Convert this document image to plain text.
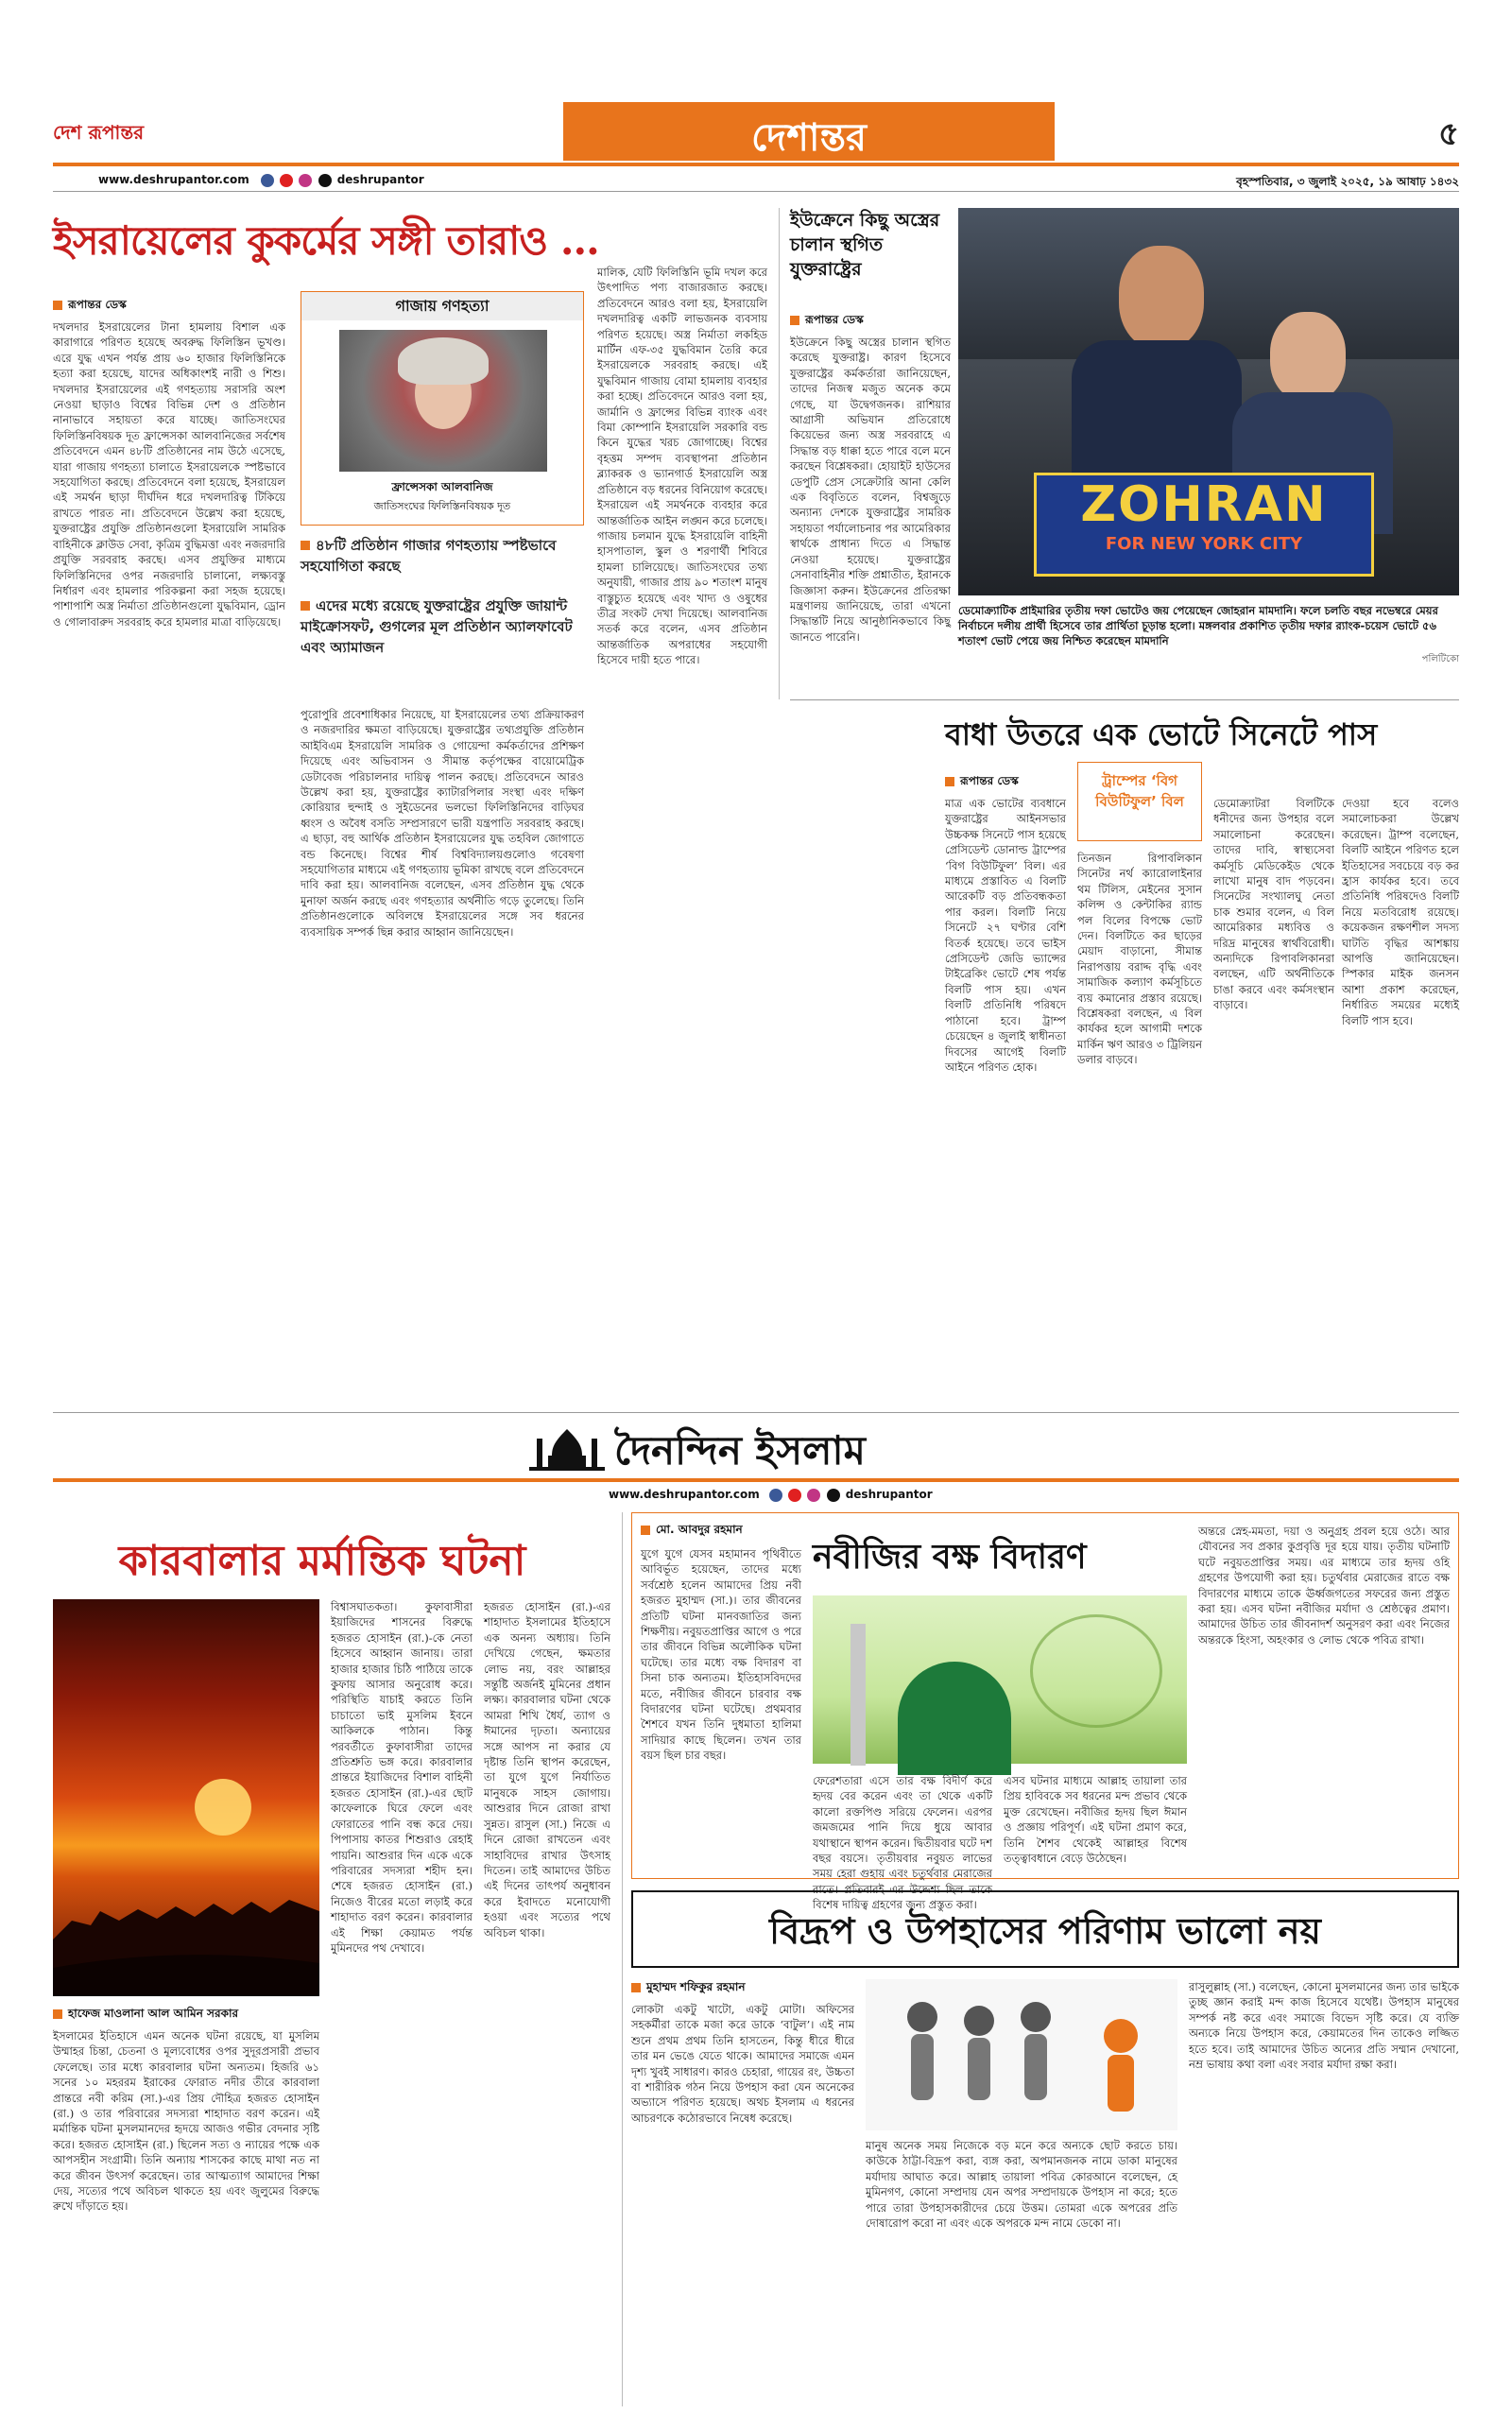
দেশ রূপান্তর	দেশান্তর	৫
www.deshrupantor.com	deshrupantor	বৃহস্পতিবার, ৩ জুলাই ২০২৫, ১৯ আষাঢ় ১৪৩২
ইসরায়েলের কুকর্মের সঙ্গী তারাও ...
রূপান্তর ডেস্ক
দখলদার ইসরায়েলের টানা হামলায় বিশাল এক কারাগারে পরিণত হয়েছে অবরুদ্ধ ফিলিস্তিন ভূখণ্ড। এরে যুদ্ধ এখন পর্যন্ত প্রায় ৬০ হাজার ফিলিস্তিনিকে হত্যা করা হয়েছে, যাদের অধিকাংশই নারী ও শিশু। দখলদার ইসরায়েলের এই গণহত্যায় সরাসরি অংশ নেওয়া ছাড়াও বিশ্বের বিভিন্ন দেশ ও প্রতিষ্ঠান নানাভাবে সহায়তা করে যাচ্ছে। জাতিসংঘের ফিলিস্তিনবিষয়ক দূত ফ্রান্সেসকা আলবানিজের সর্বশেষ প্রতিবেদনে এমন ৪৮টি প্রতিষ্ঠানের নাম উঠে এসেছে, যারা গাজায় গণহত্যা চালাতে ইসরায়েলকে স্পষ্টভাবে সহযোগিতা করছে। প্রতিবেদনে বলা হয়েছে, ইসরায়েল এই সমর্থন ছাড়া দীর্ঘদিন ধরে দখলদারিত্ব টিকিয়ে রাখতে পারত না। প্রতিবেদনে উল্লেখ করা হয়েছে, যুক্তরাষ্ট্রের প্রযুক্তি প্রতিষ্ঠানগুলো ইসরায়েলি সামরিক বাহিনীকে ক্লাউড সেবা, কৃত্রিম বুদ্ধিমত্তা এবং নজরদারি প্রযুক্তি সরবরাহ করছে। এসব প্রযুক্তির মাধ্যমে ফিলিস্তিনিদের ওপর নজরদারি চালানো, লক্ষ্যবস্তু নির্ধারণ এবং হামলার পরিকল্পনা করা সহজ হয়েছে। পাশাপাশি অস্ত্র নির্মাতা প্রতিষ্ঠানগুলো যুদ্ধবিমান, ড্রোন ও গোলাবারুদ সরবরাহ করে হামলার মাত্রা বাড়িয়েছে।
গাজায় গণহত্যা
ফ্রান্সেসকা আলবানিজ
জাতিসংঘের ফিলিস্তিনবিষয়ক দূত
৪৮টি প্রতিষ্ঠান গাজার গণহত্যায় স্পষ্টভাবে সহযোগিতা করছে
এদের মধ্যে রয়েছে যুক্তরাষ্ট্রের প্রযুক্তি জায়ান্ট মাইক্রোসফট, গুগলের মূল প্রতিষ্ঠান অ্যালফাবেট এবং অ্যামাজন
পুরোপুরি প্রবেশাধিকার নিয়েছে, যা ইসরায়েলের তথ্য প্রক্রিয়াকরণ ও নজরদারির ক্ষমতা বাড়িয়েছে। যুক্তরাষ্ট্রের তথ্যপ্রযুক্তি প্রতিষ্ঠান আইবিএম ইসরায়েলি সামরিক ও গোয়েন্দা কর্মকর্তাদের প্রশিক্ষণ দিয়েছে এবং অভিবাসন ও সীমান্ত কর্তৃপক্ষের বায়োমেট্রিক ডেটাবেজ পরিচালনার দায়িত্ব পালন করছে। প্রতিবেদনে আরও উল্লেখ করা হয়, যুক্তরাষ্ট্রের ক্যাটারপিলার সংস্থা এবং দক্ষিণ কোরিয়ার হুন্দাই ও সুইডেনের ভলভো ফিলিস্তিনিদের বাড়িঘর ধ্বংস ও অবৈধ বসতি সম্প্রসারণে ভারী যন্ত্রপাতি সরবরাহ করছে। এ ছাড়া, বহু আর্থিক প্রতিষ্ঠান ইসরায়েলের যুদ্ধ তহবিল জোগাতে বন্ড কিনেছে। বিশ্বের শীর্ষ বিশ্ববিদ্যালয়গুলোও গবেষণা সহযোগিতার মাধ্যমে এই গণহত্যায় ভূমিকা রাখছে বলে প্রতিবেদনে দাবি করা হয়। আলবানিজ বলেছেন, এসব প্রতিষ্ঠান যুদ্ধ থেকে মুনাফা অর্জন করছে এবং গণহত্যার অর্থনীতি গড়ে তুলেছে। তিনি প্রতিষ্ঠানগুলোকে অবিলম্বে ইসরায়েলের সঙ্গে সব ধরনের ব্যবসায়িক সম্পর্ক ছিন্ন করার আহ্বান জানিয়েছেন।
মালিক, যেটি ফিলিস্তিনি ভূমি দখল করে উৎপাদিত পণ্য বাজারজাত করছে। প্রতিবেদনে আরও বলা হয়, ইসরায়েলি দখলদারিত্ব একটি লাভজনক ব্যবসায় পরিণত হয়েছে। অস্ত্র নির্মাতা লকহিড মার্টিন এফ-৩৫ যুদ্ধবিমান তৈরি করে ইসরায়েলকে সরবরাহ করছে। এই যুদ্ধবিমান গাজায় বোমা হামলায় ব্যবহার করা হচ্ছে। প্রতিবেদনে আরও বলা হয়, জার্মানি ও ফ্রান্সের বিভিন্ন ব্যাংক এবং বিমা কোম্পানি ইসরায়েলি সরকারি বন্ড কিনে যুদ্ধের খরচ জোগাচ্ছে। বিশ্বের বৃহত্তম সম্পদ ব্যবস্থাপনা প্রতিষ্ঠান ব্ল্যাকরক ও ভ্যানগার্ড ইসরায়েলি অস্ত্র প্রতিষ্ঠানে বড় ধরনের বিনিয়োগ করেছে। ইসরায়েল এই সমর্থনকে ব্যবহার করে আন্তর্জাতিক আইন লঙ্ঘন করে চলেছে। গাজায় চলমান যুদ্ধে ইসরায়েলি বাহিনী হাসপাতাল, স্কুল ও শরণার্থী শিবিরে হামলা চালিয়েছে। জাতিসংঘের তথ্য অনুযায়ী, গাজার প্রায় ৯০ শতাংশ মানুষ বাস্তুচ্যুত হয়েছে এবং খাদ্য ও ওষুধের তীব্র সংকট দেখা দিয়েছে। আলবানিজ সতর্ক করে বলেন, এসব প্রতিষ্ঠান আন্তর্জাতিক অপরাধের সহযোগী হিসেবে দায়ী হতে পারে।
ইউক্রেনে কিছু অস্ত্রের চালান স্থগিত যুক্তরাষ্ট্রের
রূপান্তর ডেস্ক
ইউক্রেনে কিছু অস্ত্রের চালান স্থগিত করেছে যুক্তরাষ্ট্র। কারণ হিসেবে যুক্তরাষ্ট্রের কর্মকর্তারা জানিয়েছেন, তাদের নিজস্ব মজুত অনেক কমে গেছে, যা উদ্বেগজনক। রাশিয়ার আগ্রাসী অভিযান প্রতিরোধে কিয়েভের জন্য অস্ত্র সরবরাহে এ সিদ্ধান্ত বড় ধাক্কা হতে পারে বলে মনে করছেন বিশ্লেষকরা। হোয়াইট হাউসের ডেপুটি প্রেস সেক্রেটারি আনা কেলি এক বিবৃতিতে বলেন, বিশ্বজুড়ে অন্যান্য দেশকে যুক্তরাষ্ট্রের সামরিক সহায়তা পর্যালোচনার পর আমেরিকার স্বার্থকে প্রাধান্য দিতে এ সিদ্ধান্ত নেওয়া হয়েছে। যুক্তরাষ্ট্রের সেনাবাহিনীর শক্তি প্রশ্নাতীত, ইরানকে জিজ্ঞাসা করুন। ইউক্রেনের প্রতিরক্ষা মন্ত্রণালয় জানিয়েছে, তারা এখনো সিদ্ধান্তটি নিয়ে আনুষ্ঠানিকভাবে কিছু জানতে পারেনি।
ZOHRAN
FOR NEW YORK CITY
ডেমোক্র্যাটিক প্রাইমারির তৃতীয় দফা ভোটেও জয় পেয়েছেন জোহরান মামদানি। ফলে চলতি বছর নভেম্বরে মেয়র নির্বাচনে দলীয় প্রার্থী হিসেবে তার প্রার্থিতা চূড়ান্ত হলো। মঙ্গলবার প্রকাশিত তৃতীয় দফার র‍্যাংক-চয়েস ভোটে ৫৬ শতাংশ ভোট পেয়ে জয় নিশ্চিত করেছেন মামদানি
পলিটিকো
বাধা উতরে এক ভোটে সিনেটে পাস
রূপান্তর ডেস্ক
মাত্র এক ভোটের ব্যবধানে যুক্তরাষ্ট্রের আইনসভার উচ্চকক্ষ সিনেটে পাস হয়েছে প্রেসিডেন্ট ডোনাল্ড ট্রাম্পের ‘বিগ বিউটিফুল’ বিল। এর মাধ্যমে প্রস্তাবিত এ বিলটি আরেকটি বড় প্রতিবন্ধকতা পার করল। বিলটি নিয়ে সিনেটে ২৭ ঘণ্টার বেশি বিতর্ক হয়েছে। তবে ভাইস প্রেসিডেন্ট জেডি ভ্যান্সের টাইব্রেকিং ভোটে শেষ পর্যন্ত বিলটি পাস হয়। এখন বিলটি প্রতিনিধি পরিষদে পাঠানো হবে। ট্রাম্প চেয়েছেন ৪ জুলাই স্বাধীনতা দিবসের আগেই বিলটি আইনে পরিণত হোক।
ট্রাম্পের ‘বিগ বিউটিফুল’ বিল
তিনজন রিপাবলিকান সিনেটর নর্থ ক্যারোলাইনার থম টিলিস, মেইনের সুসান কলিন্স ও কেন্টাকির র‍্যান্ড পল বিলের বিপক্ষে ভোট দেন। বিলটিতে কর ছাড়ের মেয়াদ বাড়ানো, সীমান্ত নিরাপত্তায় বরাদ্দ বৃদ্ধি এবং সামাজিক কল্যাণ কর্মসূচিতে ব্যয় কমানোর প্রস্তাব রয়েছে। বিশ্লেষকরা বলছেন, এ বিল কার্যকর হলে আগামী দশকে মার্কিন ঋণ আরও ৩ ট্রিলিয়ন ডলার বাড়বে।
ডেমোক্র্যাটরা বিলটিকে ধনীদের জন্য উপহার বলে সমালোচনা করেছেন। তাদের দাবি, স্বাস্থ্যসেবা কর্মসূচি মেডিকেইড থেকে লাখো মানুষ বাদ পড়বেন। সিনেটের সংখ্যালঘু নেতা চাক শুমার বলেন, এ বিল আমেরিকার মধ্যবিত্ত ও দরিদ্র মানুষের স্বার্থবিরোধী। অন্যদিকে রিপাবলিকানরা বলছেন, এটি অর্থনীতিকে চাঙা করবে এবং কর্মসংস্থান বাড়াবে।
দেওয়া হবে বলেও সমালোচকরা উল্লেখ করেছেন। ট্রাম্প বলেছেন, বিলটি আইনে পরিণত হলে ইতিহাসের সবচেয়ে বড় কর হ্রাস কার্যকর হবে। তবে প্রতিনিধি পরিষদেও বিলটি নিয়ে মতবিরোধ রয়েছে। কয়েকজন রক্ষণশীল সদস্য ঘাটতি বৃদ্ধির আশঙ্কায় আপত্তি জানিয়েছেন। স্পিকার মাইক জনসন আশা প্রকাশ করেছেন, নির্ধারিত সময়ের মধ্যেই বিলটি পাস হবে।
দৈনন্দিন ইসলাম
www.deshrupantor.com	deshrupantor
কারবালার মর্মান্তিক ঘটনা
হাফেজ মাওলানা আল আমিন সরকার
ইসলামের ইতিহাসে এমন অনেক ঘটনা রয়েছে, যা মুসলিম উম্মাহর চিন্তা, চেতনা ও মূল্যবোধের ওপর সুদূরপ্রসারী প্রভাব ফেলেছে। তার মধ্যে কারবালার ঘটনা অন্যতম। হিজরি ৬১ সনের ১০ মহররম ইরাকের ফোরাত নদীর তীরে কারবালা প্রান্তরে নবী করিম (সা.)-এর প্রিয় দৌহিত্র হজরত হোসাইন (রা.) ও তার পরিবারের সদস্যরা শাহাদাত বরণ করেন। এই মর্মান্তিক ঘটনা মুসলমানদের হৃদয়ে আজও গভীর বেদনার সৃষ্টি করে। হজরত হোসাইন (রা.) ছিলেন সত্য ও ন্যায়ের পক্ষে এক আপসহীন সংগ্রামী। তিনি অন্যায় শাসকের কাছে মাথা নত না করে জীবন উৎসর্গ করেছেন। তার আত্মত্যাগ আমাদের শিক্ষা দেয়, সত্যের পথে অবিচল থাকতে হয় এবং জুলুমের বিরুদ্ধে রুখে দাঁড়াতে হয়।
বিশ্বাসঘাতকতা। কুফাবাসীরা ইয়াজিদের শাসনের বিরুদ্ধে হজরত হোসাইন (রা.)-কে নেতা হিসেবে আহ্বান জানায়। তারা হাজার হাজার চিঠি পাঠিয়ে তাকে কুফায় আসার অনুরোধ করে। পরিস্থিতি যাচাই করতে তিনি চাচাতো ভাই মুসলিম ইবনে আকিলকে পাঠান। কিন্তু পরবর্তীতে কুফাবাসীরা তাদের প্রতিশ্রুতি ভঙ্গ করে। কারবালার প্রান্তরে ইয়াজিদের বিশাল বাহিনী হজরত হোসাইন (রা.)-এর ছোট কাফেলাকে ঘিরে ফেলে এবং ফোরাতের পানি বন্ধ করে দেয়। পিপাসায় কাতর শিশুরাও রেহাই পায়নি। আশুরার দিন একে একে পরিবারের সদস্যরা শহীদ হন। শেষে হজরত হোসাইন (রা.) নিজেও বীরের মতো লড়াই করে শাহাদাত বরণ করেন। কারবালার এই শিক্ষা কেয়ামত পর্যন্ত মুমিনদের পথ দেখাবে।
হজরত হোসাইন (রা.)-এর শাহাদাত ইসলামের ইতিহাসে এক অনন্য অধ্যায়। তিনি দেখিয়ে গেছেন, ক্ষমতার লোভ নয়, বরং আল্লাহর সন্তুষ্টি অর্জনই মুমিনের প্রধান লক্ষ্য। কারবালার ঘটনা থেকে আমরা শিখি ধৈর্য, ত্যাগ ও ঈমানের দৃঢ়তা। অন্যায়ের সঙ্গে আপস না করার যে দৃষ্টান্ত তিনি স্থাপন করেছেন, তা যুগে যুগে নির্যাতিত মানুষকে সাহস জোগায়। আশুরার দিনে রোজা রাখা সুন্নত। রাসুল (সা.) নিজে এ দিনে রোজা রাখতেন এবং সাহাবিদের রাখার উৎসাহ দিতেন। তাই আমাদের উচিত এই দিনের তাৎপর্য অনুধাবন করে ইবাদতে মনোযোগী হওয়া এবং সত্যের পথে অবিচল থাকা।
মো. আবদুর রহমান
যুগে যুগে যেসব মহামানব পৃথিবীতে আবির্ভূত হয়েছেন, তাদের মধ্যে সর্বশ্রেষ্ঠ হলেন আমাদের প্রিয় নবী হজরত মুহাম্মদ (সা.)। তার জীবনের প্রতিটি ঘটনা মানবজাতির জন্য শিক্ষণীয়। নবুয়তপ্রাপ্তির আগে ও পরে তার জীবনে বিভিন্ন অলৌকিক ঘটনা ঘটেছে। তার মধ্যে বক্ষ বিদারণ বা সিনা চাক অন্যতম। ইতিহাসবিদদের মতে, নবীজির জীবনে চারবার বক্ষ বিদারণের ঘটনা ঘটেছে। প্রথমবার শৈশবে যখন তিনি দুধমাতা হালিমা সাদিয়ার কাছে ছিলেন। তখন তার বয়স ছিল চার বছর।
নবীজির বক্ষ বিদারণ
ফেরেশতারা এসে তার বক্ষ বিদীর্ণ করে হৃদয় বের করেন এবং তা থেকে একটি কালো রক্তপিণ্ড সরিয়ে ফেলেন। এরপর জমজমের পানি দিয়ে ধুয়ে আবার যথাস্থানে স্থাপন করেন। দ্বিতীয়বার ঘটে দশ বছর বয়সে। তৃতীয়বার নবুয়ত লাভের সময় হেরা গুহায় এবং চতুর্থবার মেরাজের রাতে। প্রতিবারই এর উদ্দেশ্য ছিল তাকে বিশেষ দায়িত্ব গ্রহণের জন্য প্রস্তুত করা।
এসব ঘটনার মাধ্যমে আল্লাহ তায়ালা তার প্রিয় হাবিবকে সব ধরনের মন্দ প্রভাব থেকে মুক্ত রেখেছেন। নবীজির হৃদয় ছিল ঈমান ও প্রজ্ঞায় পরিপূর্ণ। এই ঘটনা প্রমাণ করে, তিনি শৈশব থেকেই আল্লাহর বিশেষ তত্ত্বাবধানে বেড়ে উঠেছেন।
অন্তরে স্নেহ-মমতা, দয়া ও অনুগ্রহ প্রবল হয়ে ওঠে। আর যৌবনের সব প্রকার কুপ্রবৃত্তি দূর হয়ে যায়। তৃতীয় ঘটনাটি ঘটে নবুয়তপ্রাপ্তির সময়। এর মাধ্যমে তার হৃদয় ওহি গ্রহণের উপযোগী করা হয়। চতুর্থবার মেরাজের রাতে বক্ষ বিদারণের মাধ্যমে তাকে ঊর্ধ্বজগতের সফরের জন্য প্রস্তুত করা হয়। এসব ঘটনা নবীজির মর্যাদা ও শ্রেষ্ঠত্বের প্রমাণ। আমাদের উচিত তার জীবনাদর্শ অনুসরণ করা এবং নিজের অন্তরকে হিংসা, অহংকার ও লোভ থেকে পবিত্র রাখা।
বিদ্রূপ ও উপহাসের পরিণাম ভালো নয়
মুহাম্মদ শফিকুর রহমান
লোকটা একটু খাটো, একটু মোটা। অফিসের সহকর্মীরা তাকে মজা করে ডাকে ‘বাটুল’। এই নাম শুনে প্রথম প্রথম তিনি হাসতেন, কিন্তু ধীরে ধীরে তার মন ভেঙে যেতে থাকে। আমাদের সমাজে এমন দৃশ্য খুবই সাধারণ। কারও চেহারা, গায়ের রং, উচ্চতা বা শারীরিক গঠন নিয়ে উপহাস করা যেন অনেকের অভ্যাসে পরিণত হয়েছে। অথচ ইসলাম এ ধরনের আচরণকে কঠোরভাবে নিষেধ করেছে।
মানুষ অনেক সময় নিজেকে বড় মনে করে অন্যকে ছোট করতে চায়। কাউকে ঠাট্টা-বিদ্রূপ করা, ব্যঙ্গ করা, অপমানজনক নামে ডাকা মানুষের মর্যাদায় আঘাত করে। আল্লাহ তায়ালা পবিত্র কোরআনে বলেছেন, হে মুমিনগণ, কোনো সম্প্রদায় যেন অপর সম্প্রদায়কে উপহাস না করে; হতে পারে তারা উপহাসকারীদের চেয়ে উত্তম। তোমরা একে অপরের প্রতি দোষারোপ করো না এবং একে অপরকে মন্দ নামে ডেকো না।
রাসুলুল্লাহ (সা.) বলেছেন, কোনো মুসলমানের জন্য তার ভাইকে তুচ্ছ জ্ঞান করাই মন্দ কাজ হিসেবে যথেষ্ট। উপহাস মানুষের সম্পর্ক নষ্ট করে এবং সমাজে বিভেদ সৃষ্টি করে। যে ব্যক্তি অন্যকে নিয়ে উপহাস করে, কেয়ামতের দিন তাকেও লজ্জিত হতে হবে। তাই আমাদের উচিত অন্যের প্রতি সম্মান দেখানো, নম্র ভাষায় কথা বলা এবং সবার মর্যাদা রক্ষা করা।
